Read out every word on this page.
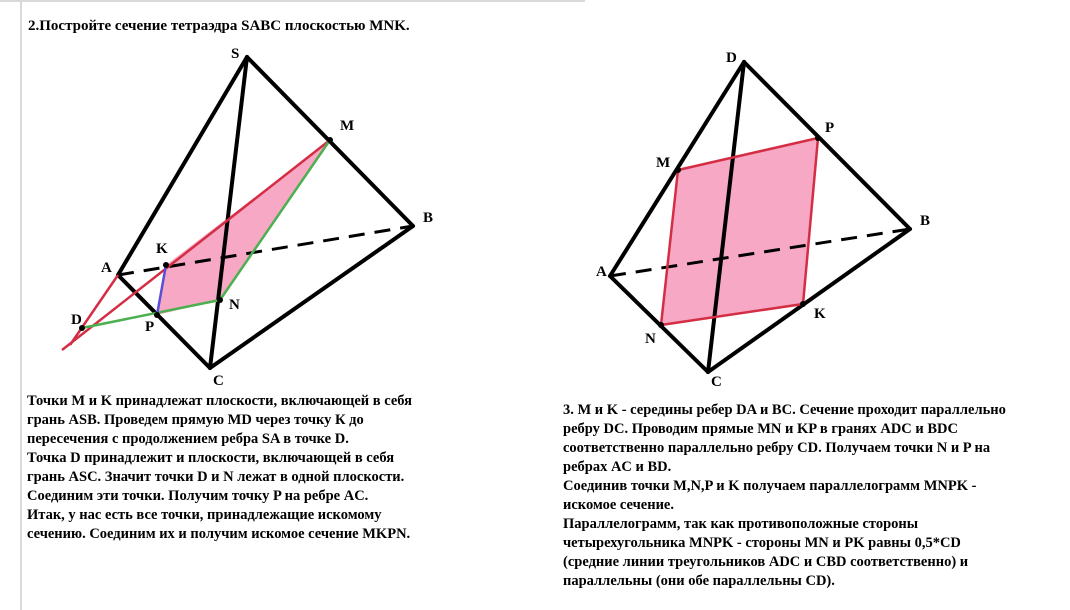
2.Постройте сечение тетраэдра SABC плоскостью MNK.
S
M
B
A
K
N
D	P
C
D
P
M
B
A
K
N
C
Точки M и K принадлежат плоскости, включающей в себя
грань ASB. Проведем прямую MD через точку К до
пересечения с продолжением ребра SA в точке D.
Точка D принадлежит и плоскости, включающей в себя
грань ASC. Значит точки D и N лежат в одной плоскости.
Соединим эти точки. Получим точку P на ребре AC.
Итак, у нас есть все точки, принадлежащие искомому
сечению. Соединим их и получим искомое сечение MKPN.
3. M и K - середины ребер DA и BC. Сечение проходит параллельно
ребру DC. Проводим прямые MN и KP в гранях ADC и BDC
соответственно параллельно ребру CD. Получаем точки N и P на
ребрах AC и BD.
Соединив точки M,N,P и K получаем параллелограмм MNPK -
искомое сечение.
Параллелограмм, так как противоположные стороны
четырехугольника MNPK - стороны MN и PK равны 0,5*CD
(средние линии треугольников ADC и CBD соответственно) и
параллельны (они обе параллельны CD).
